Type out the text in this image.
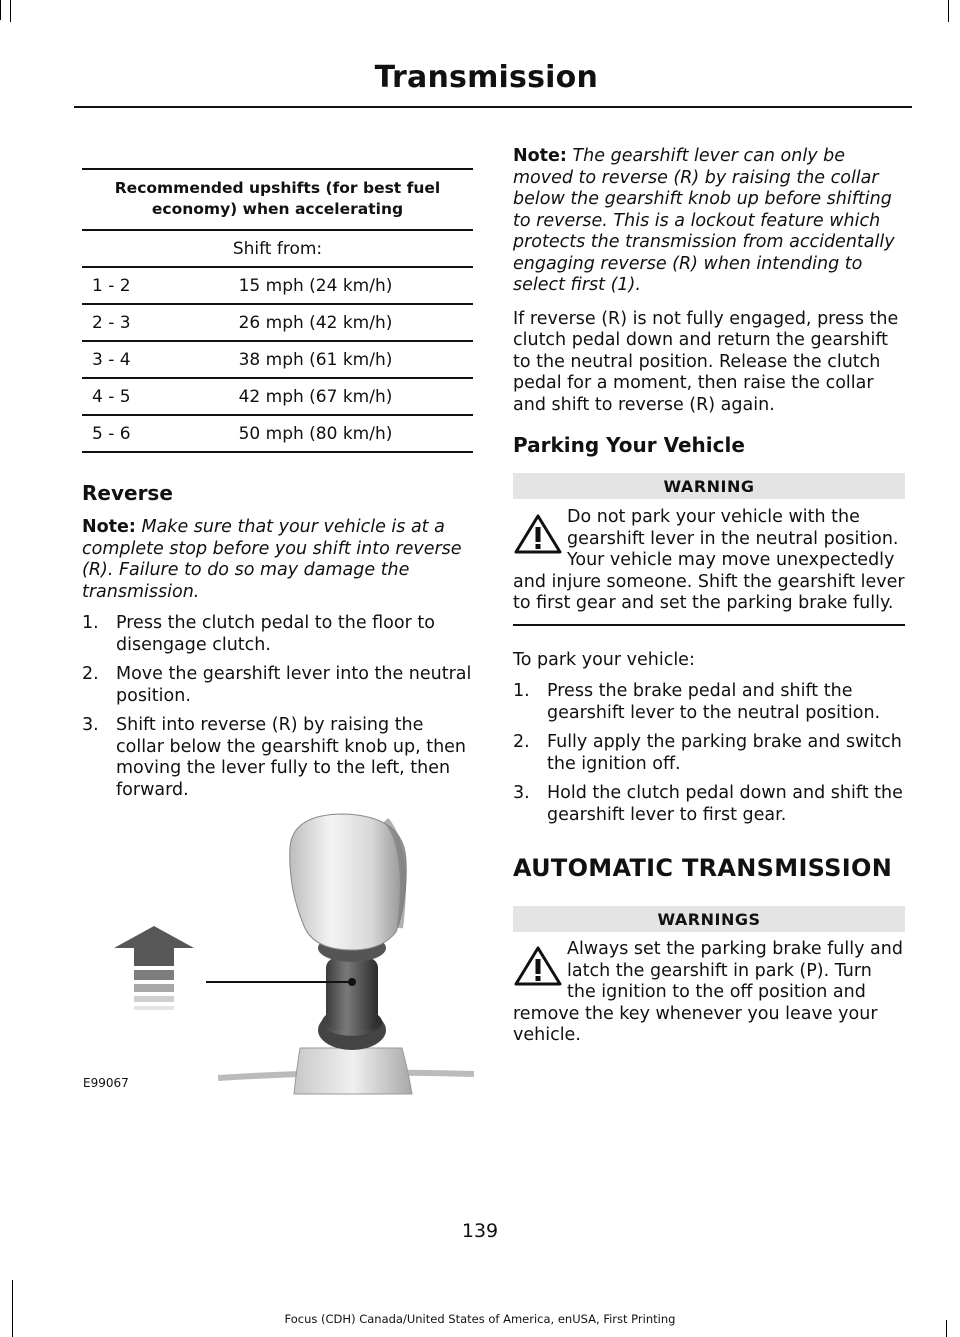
Transmission
Recommended upshifts (for best fuel economy) when accelerating	
Shift from:	
1 - 2	15 mph (24 km/h)
2 - 3	26 mph (42 km/h)
3 - 4	38 mph (61 km/h)
4 - 5	42 mph (67 km/h)
5 - 6	50 mph (80 km/h)
Reverse

Note: Make sure that your vehicle is at a complete stop before you shift into reverse (R). Failure to do so may damage the transmission.

1. Press the clutch pedal to the floor to disengage clutch.
2. Move the gearshift lever into the neutral position.
3. Shift into reverse (R) by raising the collar below the gearshift knob up, then moving the lever fully to the left, then forward.
E99067

Note: The gearshift lever can only be moved to reverse (R) by raising the collar below the gearshift knob up before shifting to reverse. This is a lockout feature which protects the transmission from accidentally engaging reverse (R) when intending to select first (1).

If reverse (R) is not fully engaged, press the clutch pedal down and return the gearshift to the neutral position. Release the clutch pedal for a moment, then raise the collar and shift to reverse (R) again.

Parking Your Vehicle
WARNING
Do not park your vehicle with the gearshift lever in the neutral position. Your vehicle may move unexpectedly and injure someone. Shift the gearshift lever to first gear and set the parking brake fully.

To park your vehicle:

1. Press the brake pedal and shift the gearshift lever to the neutral position.
2. Fully apply the parking brake and switch the ignition off.
3. Hold the clutch pedal down and shift the gearshift lever to first gear.
AUTOMATIC TRANSMISSION
WARNINGS
Always set the parking brake fully and latch the gearshift in park (P). Turn the ignition to the off position and remove the key whenever you leave your vehicle.
139
Focus (CDH) Canada/United States of America, enUSA, First Printing
